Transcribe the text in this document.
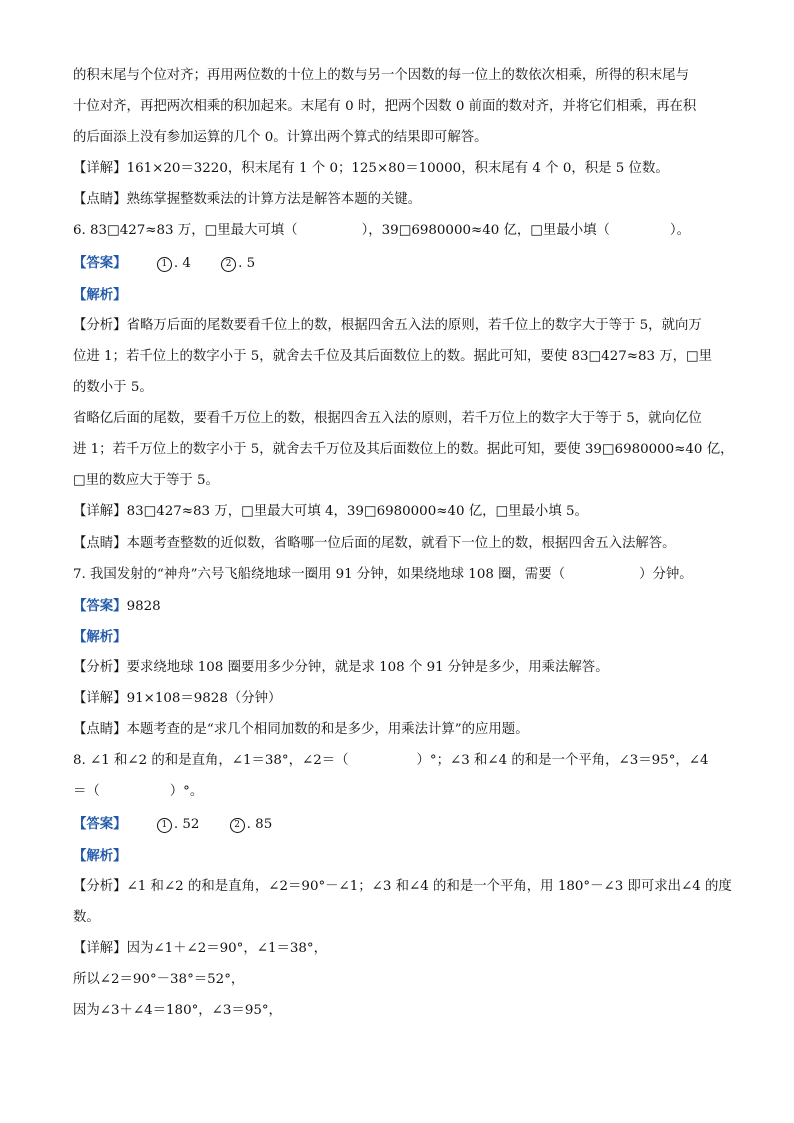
的积末尾与个位对齐；再用两位数的十位上的数与另一个因数的每一位上的数依次相乘，所得的积末尾与
十位对齐，再把两次相乘的积加起来。末尾有 0 时，把两个因数 0 前面的数对齐，并将它们相乘，再在积
的后面添上没有参加运算的几个 0。计算出两个算式的结果即可解答。
【详解】161×20＝3220，积末尾有 1 个 0；125×80＝10000，积末尾有 4 个 0，积是 5 位数。
【点睛】熟练掌握整数乘法的计算方法是解答本题的关键。
6. 83□427≈83 万，□里最大可填（	），39□6980000≈40 亿，□里最小填（	）。
【答案】	1 . 4	2 . 5
【解析】
【分析】省略万后面的尾数要看千位上的数，根据四舍五入法的原则，若千位上的数字大于等于 5，就向万
位进 1；若千位上的数字小于 5，就舍去千位及其后面数位上的数。据此可知，要使 83□427≈83 万，□里
的数小于 5。
省略亿后面的尾数，要看千万位上的数，根据四舍五入法的原则，若千万位上的数字大于等于 5，就向亿位
进 1；若千万位上的数字小于 5，就舍去千万位及其后面数位上的数。据此可知，要使 39□6980000≈40 亿，
□里的数应大于等于 5。
【详解】83□427≈83 万，□里最大可填 4，39□6980000≈40 亿，□里最小填 5。
【点睛】本题考查整数的近似数，省略哪一位后面的尾数，就看下一位上的数，根据四舍五入法解答。
7. 我国发射的“神舟”六号飞船绕地球一圈用 91 分钟，如果绕地球 108 圈，需要（	）分钟。
【答案】9828
【解析】
【分析】要求绕地球 108 圈要用多少分钟，就是求 108 个 91 分钟是多少，用乘法解答。
【详解】91×108＝9828（分钟）
【点睛】本题考查的是“求几个相同加数的和是多少，用乘法计算”的应用题。
8. ∠1 和∠2 的和是直角，∠1＝38°，∠2＝（	）°；∠3 和∠4 的和是一个平角，∠3＝95°，∠4
＝（	）°。
【答案】	1 . 52	2 . 85
【解析】
【分析】∠1 和∠2 的和是直角，∠2＝90°－∠1；∠3 和∠4 的和是一个平角，用 180°－∠3 即可求出∠4 的度
数。
【详解】因为∠1＋∠2＝90°，∠1＝38°，
所以∠2＝90°－38°＝52°，
因为∠3＋∠4＝180°，∠3＝95°，
